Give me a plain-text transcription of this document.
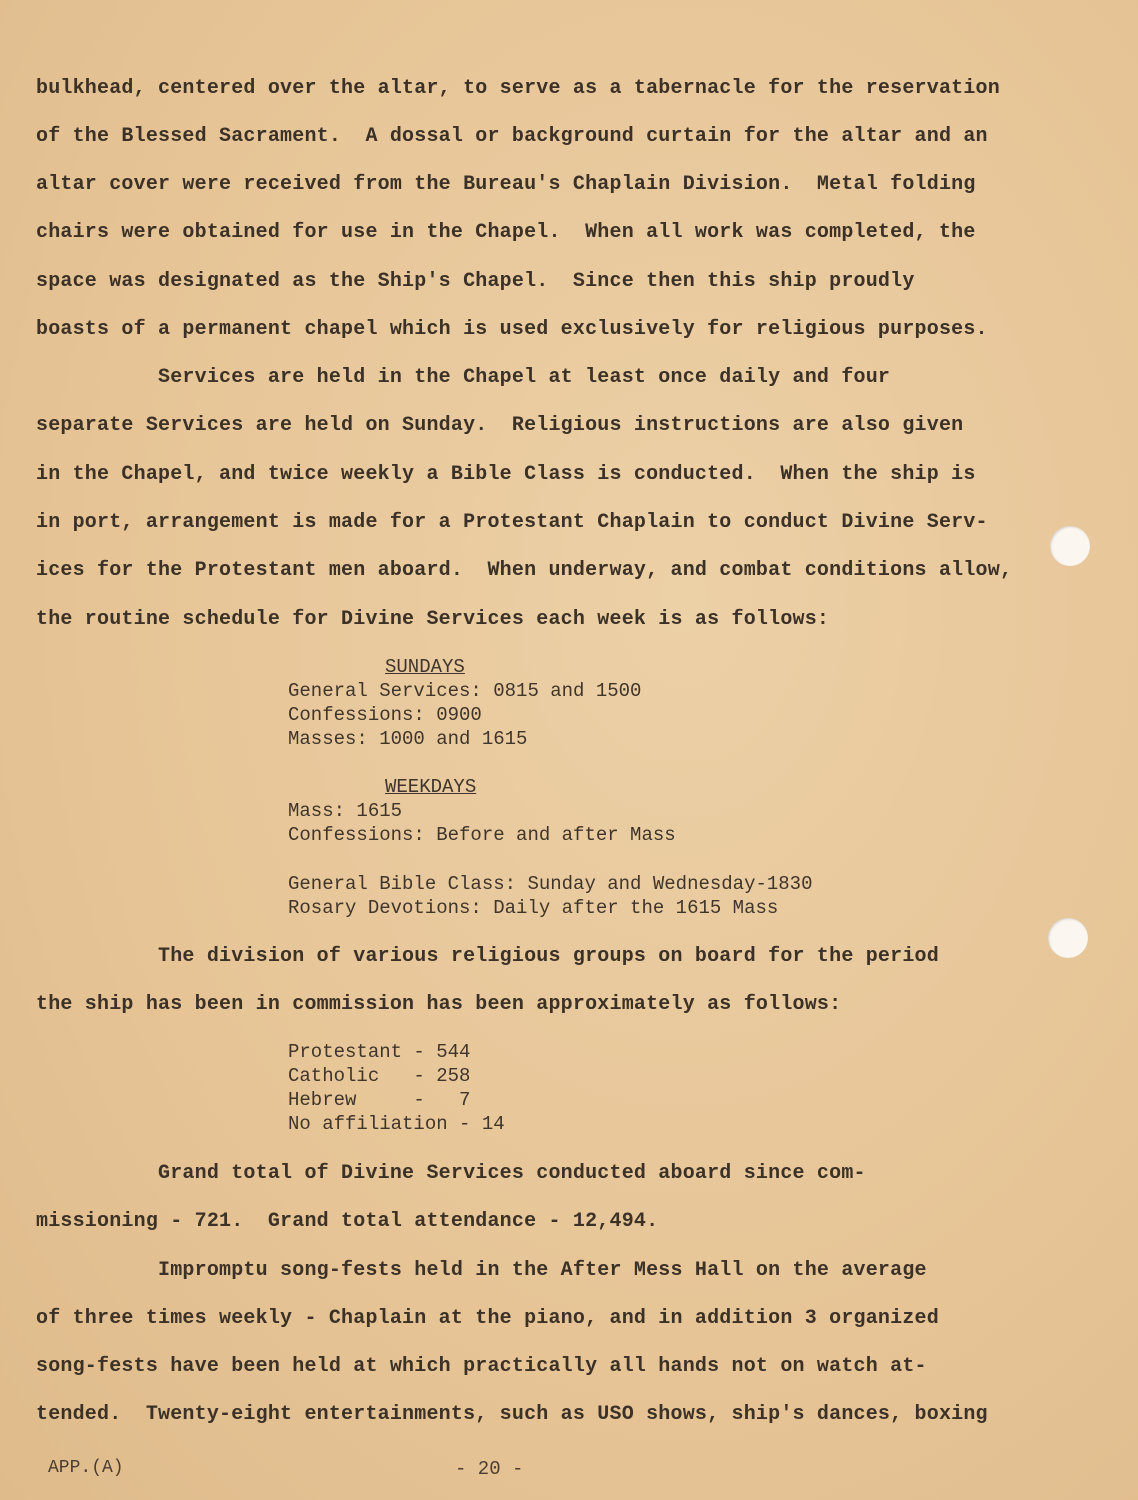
bulkhead, centered over the altar, to serve as a tabernacle for the reservation
of the Blessed Sacrament.  A dossal or background curtain for the altar and an
altar cover were received from the Bureau's Chaplain Division.  Metal folding
chairs were obtained for use in the Chapel.  When all work was completed, the
space was designated as the Ship's Chapel.  Since then this ship proudly
boasts of a permanent chapel which is used exclusively for religious purposes.
Services are held in the Chapel at least once daily and four
separate Services are held on Sunday.  Religious instructions are also given
in the Chapel, and twice weekly a Bible Class is conducted.  When the ship is
in port, arrangement is made for a Protestant Chaplain to conduct Divine Serv-
ices for the Protestant men aboard.  When underway, and combat conditions allow,
the routine schedule for Divine Services each week is as follows:
SUNDAYS
General Services: 0815 and 1500
Confessions: 0900
Masses: 1000 and 1615
WEEKDAYS
Mass: 1615
Confessions: Before and after Mass
General Bible Class: Sunday and Wednesday-1830
Rosary Devotions: Daily after the 1615 Mass
The division of various religious groups on board for the period
the ship has been in commission has been approximately as follows:
Protestant - 544
Catholic   - 258
Hebrew     -   7
No affiliation - 14
Grand total of Divine Services conducted aboard since com-
missioning - 721.  Grand total attendance - 12,494.
Impromptu song-fests held in the After Mess Hall on the average
of three times weekly - Chaplain at the piano, and in addition 3 organized
song-fests have been held at which practically all hands not on watch at-
tended.  Twenty-eight entertainments, such as USO shows, ship's dances, boxing
APP.(A)	- 20 -
